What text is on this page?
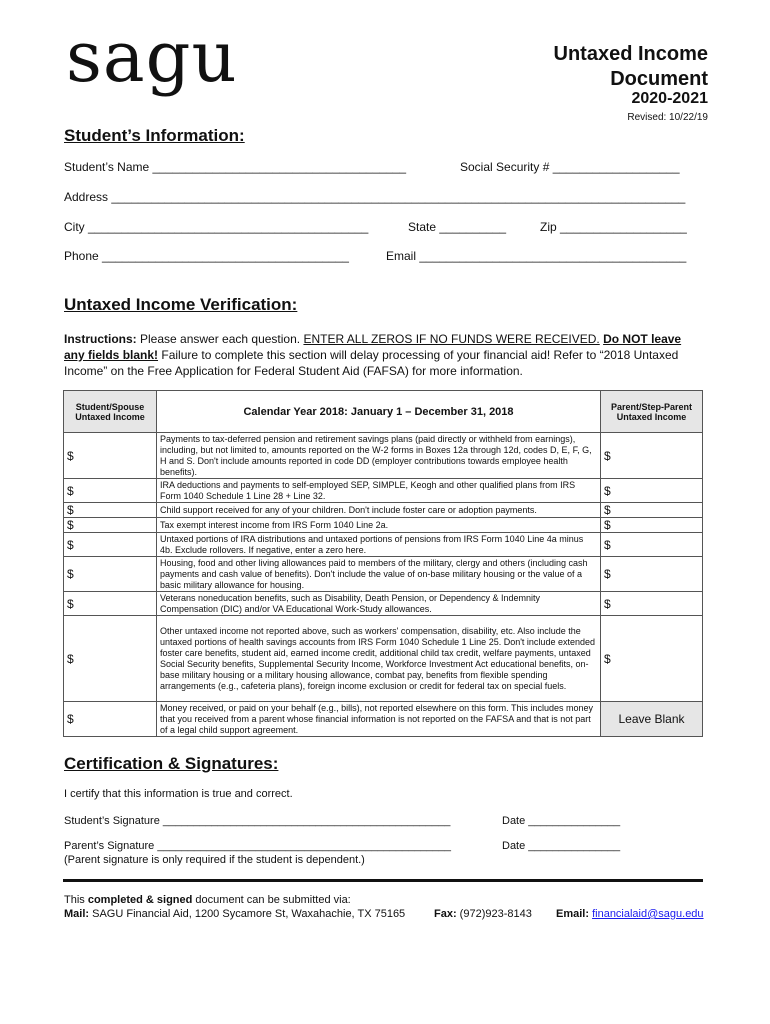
sagu	Untaxed Income
Document
2020-2021
Revised: 10/22/19
Student’s Information:
Student’s Name ______________________________________	Social Security # ___________________
Address ______________________________________________________________________________________
City __________________________________________	State __________	Zip ___________________
Phone _____________________________________	Email ________________________________________
Untaxed Income Verification:
Instructions: Please answer each question. ENTER ALL ZEROS IF NO FUNDS WERE RECEIVED. Do NOT leave any fields blank! Failure to complete this section will delay processing of your financial aid! Refer to “2018 Untaxed Income” on the Free Application for Federal Student Aid (FAFSA) for more information.
Student/Spouse Untaxed Income	Calendar Year 2018: January 1 – December 31, 2018	Parent/Step-Parent Untaxed Income
$	Payments to tax-deferred pension and retirement savings plans (paid directly or withheld from earnings), including, but not limited to, amounts reported on the W-2 forms in Boxes 12a through 12d, codes D, E, F, G, H and S. Don't include amounts reported in code DD (employer contributions towards employee health benefits).	$
$	IRA deductions and payments to self-employed SEP, SIMPLE, Keogh and other qualified plans from IRS Form 1040 Schedule 1 Line 28 + Line 32.	$
$	Child support received for any of your children. Don't include foster care or adoption payments.	$
$	Tax exempt interest income from IRS Form 1040 Line 2a.	$
$	Untaxed portions of IRA distributions and untaxed portions of pensions from IRS Form 1040 Line 4a minus 4b. Exclude rollovers. If negative, enter a zero here.	$
$	Housing, food and other living allowances paid to members of the military, clergy and others (including cash payments and cash value of benefits). Don't include the value of on-base military housing or the value of a basic military allowance for housing.	$
$	Veterans noneducation benefits, such as Disability, Death Pension, or Dependency & Indemnity Compensation (DIC) and/or VA Educational Work-Study allowances.	$
$	Other untaxed income not reported above, such as workers' compensation, disability, etc. Also include the untaxed portions of health savings accounts from IRS Form 1040 Schedule 1 Line 25. Don't include extended foster care benefits, student aid, earned income credit, additional child tax credit, welfare payments, untaxed Social Security benefits, Supplemental Security Income, Workforce Investment Act educational benefits, on-base military housing or a military housing allowance, combat pay, benefits from flexible spending arrangements (e.g., cafeteria plans), foreign income exclusion or credit for federal tax on special fuels.	$
$	Money received, or paid on your behalf (e.g., bills), not reported elsewhere on this form. This includes money that you received from a parent whose financial information is not reported on the FAFSA and that is not part of a legal child support agreement.	Leave Blank
Certification & Signatures:
I certify that this information is true and correct.
Student’s Signature _______________________________________________	Date _______________
Parent’s Signature ________________________________________________	Date _______________
(Parent signature is only required if the student is dependent.)
This completed & signed document can be submitted via:
Mail: SAGU Financial Aid, 1200 Sycamore St, Waxahachie, TX 75165	Fax: (972)923-8143 Email: financialaid@sagu.edu
